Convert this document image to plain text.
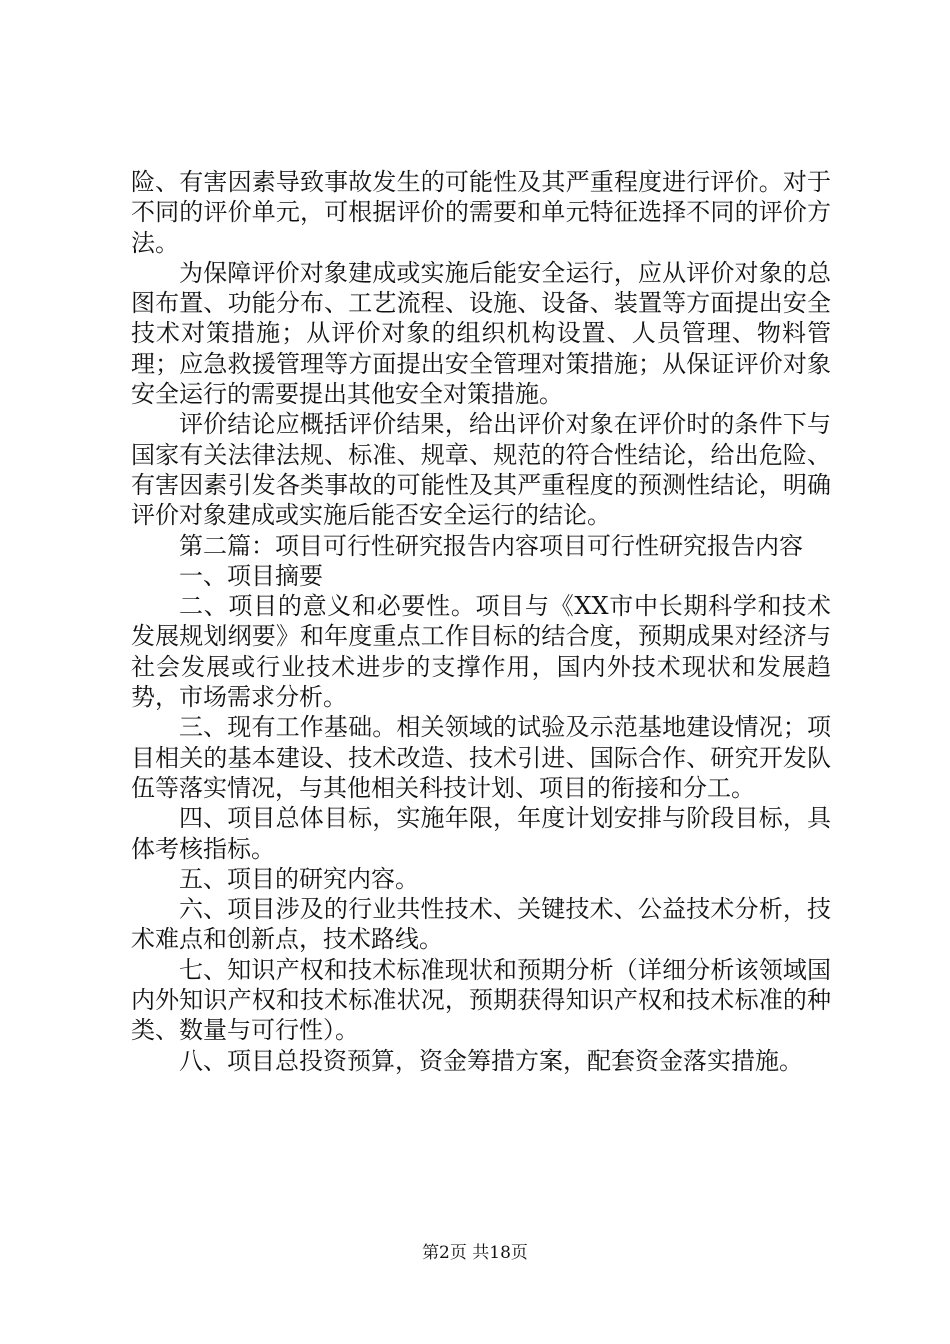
险、有害因素导致事故发生的可能性及其严重程度进行评价。对于不同的评价单元，可根据评价的需要和单元特征选择不同的评价方法。

为保障评价对象建成或实施后能安全运行，应从评价对象的总图布置、功能分布、工艺流程、设施、设备、装置等方面提出安全技术对策措施；从评价对象的组织机构设置、人员管理、物料管理；应急救援管理等方面提出安全管理对策措施；从保证评价对象安全运行的需要提出其他安全对策措施。

评价结论应概括评价结果，给出评价对象在评价时的条件下与国家有关法律法规、标准、规章、规范的符合性结论，给出危险、有害因素引发各类事故的可能性及其严重程度的预测性结论，明确评价对象建成或实施后能否安全运行的结论。

第二篇：项目可行性研究报告内容项目可行性研究报告内容

一、项目摘要

二、项目的意义和必要性。项目与《XX市中长期科学和技术发展规划纲要》和年度重点工作目标的结合度，预期成果对经济与社会发展或行业技术进步的支撑作用，国内外技术现状和发展趋势，市场需求分析。

三、现有工作基础。相关领域的试验及示范基地建设情况；项目相关的基本建设、技术改造、技术引进、国际合作、研究开发队伍等落实情况，与其他相关科技计划、项目的衔接和分工。

四、项目总体目标，实施年限，年度计划安排与阶段目标，具体考核指标。

五、项目的研究内容。

六、项目涉及的行业共性技术、关键技术、公益技术分析，技术难点和创新点，技术路线。

七、知识产权和技术标准现状和预期分析（详细分析该领域国内外知识产权和技术标准状况，预期获得知识产权和技术标准的种类、数量与可行性）。

八、项目总投资预算，资金筹措方案，配套资金落实措施。

第2页 共18页
